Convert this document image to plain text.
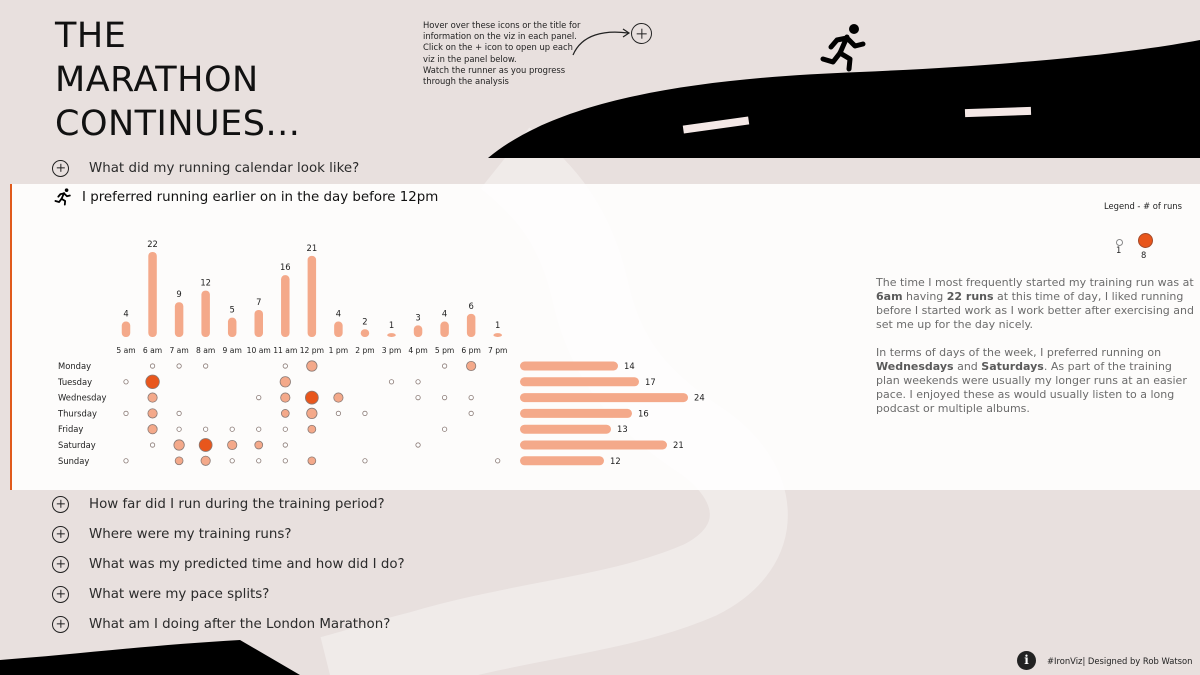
THE
MARATHON
CONTINUES...
Hover over these icons or the title for
information on the viz in each panel.
Click on the + icon to open up each
viz in the panel below.
Watch the runner as you progress
through the analysis
What did my running calendar look like?
I preferred running earlier on in the day before 12pm
Legend - # of runs
1 8

The time I most frequently started my training run was at 6am having 22 runs at this time of day, I liked running before I started work as I work better after exercising and set me up for the day nicely.

In terms of days of the week, I preferred running on Wednesdays and Saturdays. As part of the training plan weekends were usually my longer runs at an easier pace. I enjoyed these as would usually listen to a long podcast or multiple albums.

4
5 am
22
6 am
9
7 am
12
8 am
5
9 am
7
10 am
16
11 am
21
12 pm
4
1 pm
2
2 pm
1
3 pm
3
4 pm
4
5 pm
6
6 pm
1
7 pm
Monday
Tuesday
Wednesday
Thursday
Friday
Saturday
Sunday
14
17
24
16
13
21
12
How far did I run during the training period?
Where were my training runs?
What was my predicted time and how did I do?
What were my pace splits?
What am I doing after the London Marathon?
i	#IronViz| Designed by Rob Watson
